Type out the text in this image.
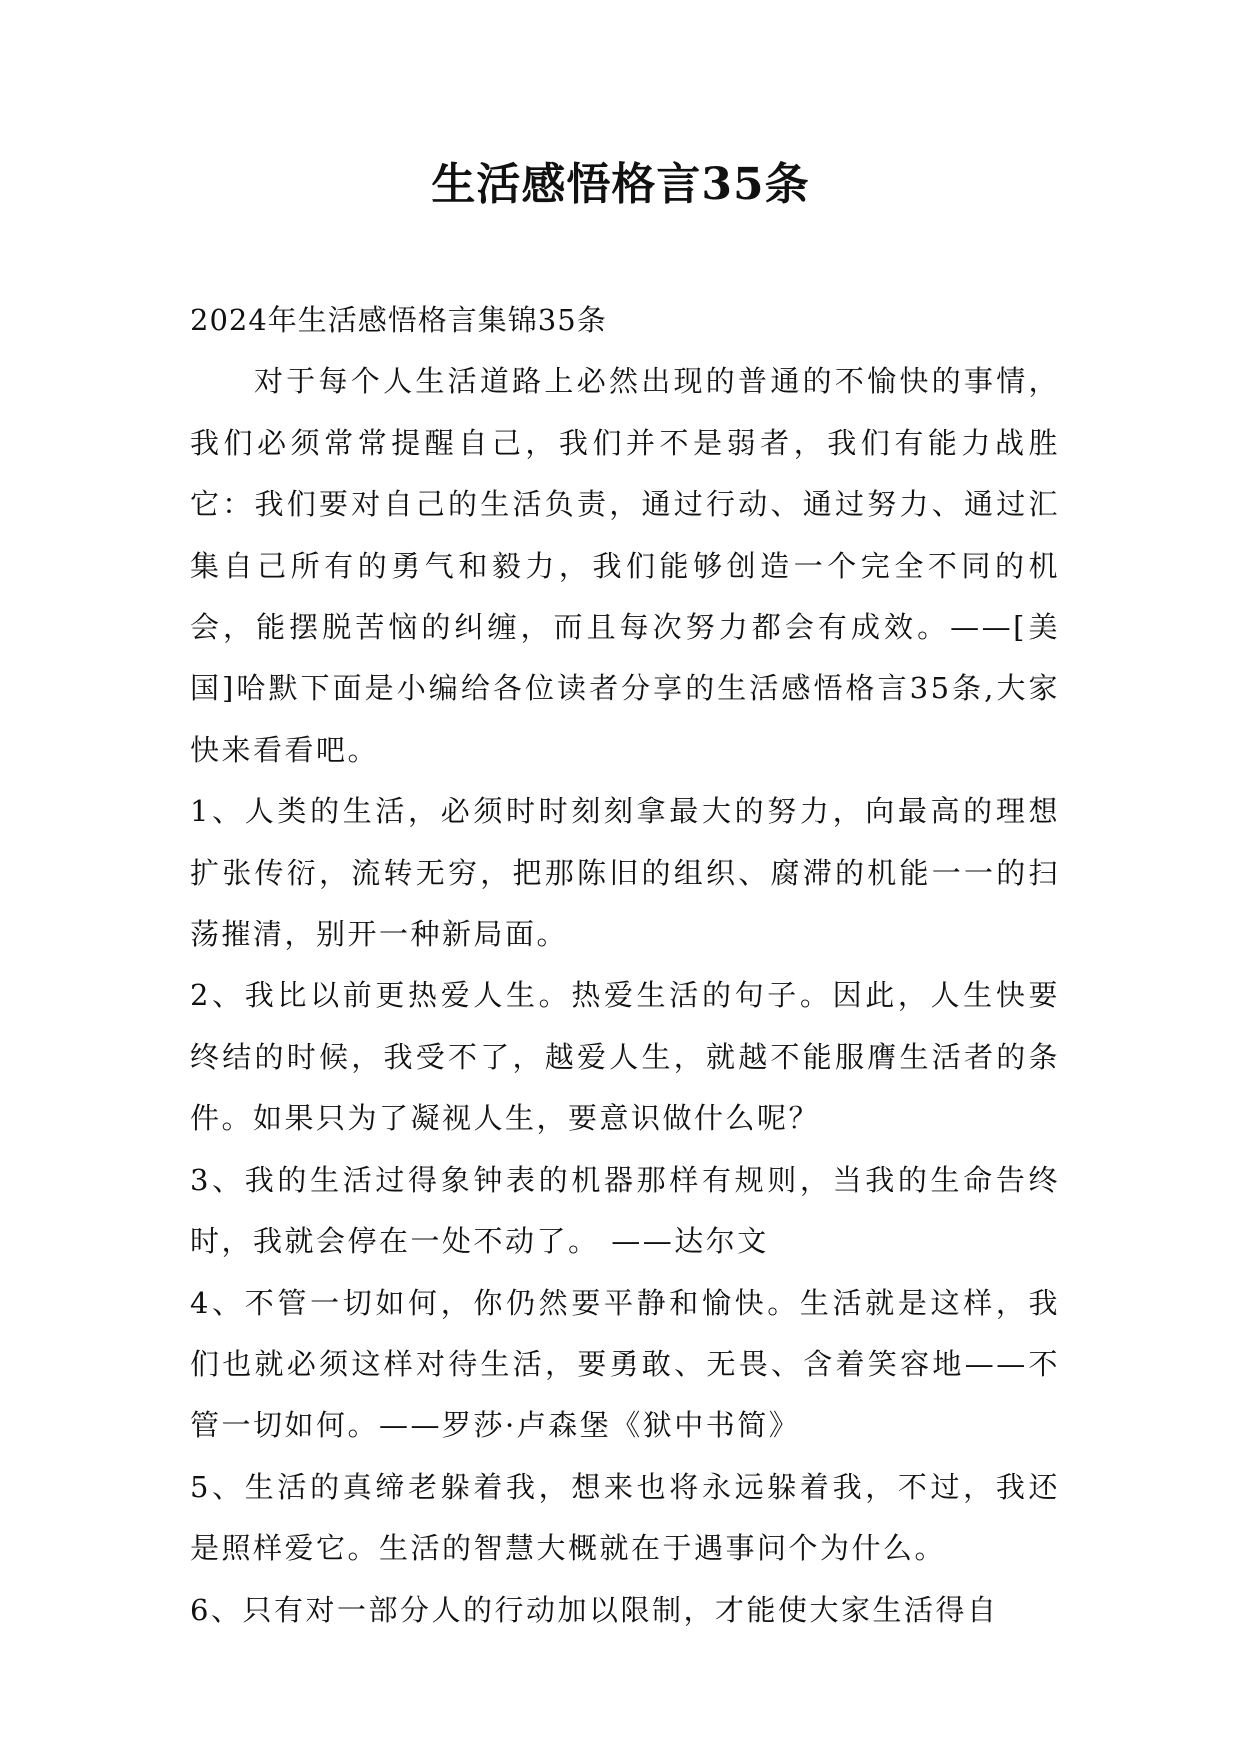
生活感悟格言35条

2024年生活感悟格言集锦35条

对于每个人生活道路上必然出现的普通的不愉快的事情，我们必须常常提醒自己，我们并不是弱者，我们有能力战胜它：我们要对自己的生活负责，通过行动、通过努力、通过汇集自己所有的勇气和毅力，我们能够创造一个完全不同的机会，能摆脱苦恼的纠缠，而且每次努力都会有成效。——[美国]哈默下面是小编给各位读者分享的生活感悟格言35条,大家快来看看吧。

1、人类的生活，必须时时刻刻拿最大的努力，向最高的理想扩张传衍，流转无穷，把那陈旧的组织、腐滞的机能一一的扫荡摧清，别开一种新局面。

2、我比以前更热爱人生。热爱生活的句子。因此，人生快要终结的时候，我受不了，越爱人生，就越不能服膺生活者的条件。如果只为了凝视人生，要意识做什么呢？

3、我的生活过得象钟表的机器那样有规则，当我的生命告终时，我就会停在一处不动了。 ——达尔文

4、不管一切如何，你仍然要平静和愉快。生活就是这样，我们也就必须这样对待生活，要勇敢、无畏、含着笑容地——不管一切如何。——罗莎·卢森堡《狱中书简》

5、生活的真缔老躲着我，想来也将永远躲着我，不过，我还是照样爱它。生活的智慧大概就在于遇事问个为什么。

6、只有对一部分人的行动加以限制，才能使大家生活得自
